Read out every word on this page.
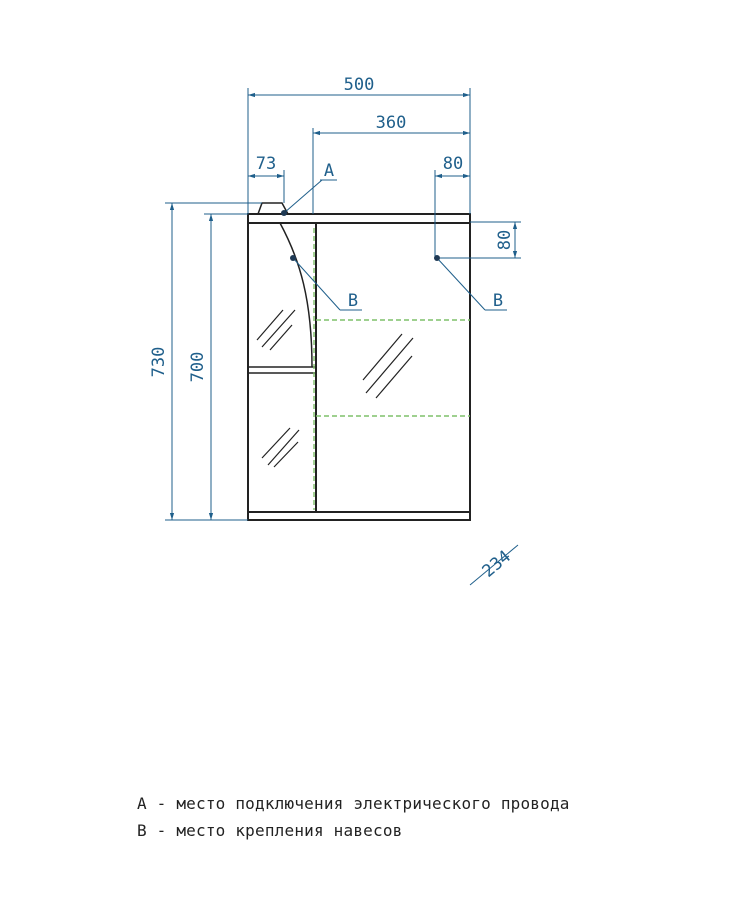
500
360
73	80
730 700
80
234
A
B	B
A - место подключения электрического провода
B - место крепления навесов
